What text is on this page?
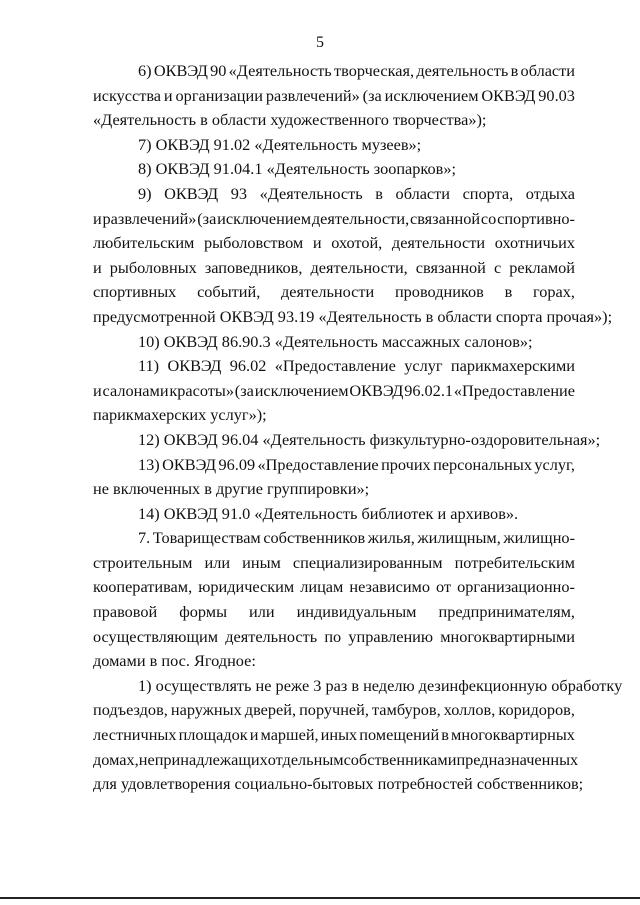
5
6) ОКВЭД 90 «Деятельность творческая, деятельность в области
искусства и организации развлечений» (за исключением ОКВЭД 90.03
«Деятельность в области художественного творчества»);
7) ОКВЭД 91.02 «Деятельность музеев»;
8) ОКВЭД 91.04.1 «Деятельность зоопарков»;
9) ОКВЭД 93 «Деятельность в области спорта, отдыха
и развлечений» (за исключением деятельности, связанной со спортивно-
любительским рыболовством и охотой, деятельности охотничьих
и рыболовных заповедников, деятельности, связанной с рекламой
спортивных событий, деятельности проводников в горах,
предусмотренной ОКВЭД 93.19 «Деятельность в области спорта прочая»);
10) ОКВЭД 86.90.3 «Деятельность массажных салонов»;
11) ОКВЭД 96.02 «Предоставление услуг парикмахерскими
и салонами красоты» (за исключением ОКВЭД 96.02.1 «Предоставление
парикмахерских услуг»);
12) ОКВЭД 96.04 «Деятельность физкультурно-оздоровительная»;
13) ОКВЭД 96.09 «Предоставление прочих персональных услуг,
не включенных в другие группировки»;
14) ОКВЭД 91.0 «Деятельность библиотек и архивов».
7. Товариществам собственников жилья, жилищным, жилищно-
строительным или иным специализированным потребительским
кооперативам, юридическим лицам независимо от организационно-
правовой формы или индивидуальным предпринимателям,
осуществляющим деятельность по управлению многоквартирными
домами в пос. Ягодное:
1) осуществлять не реже 3 раз в неделю дезинфекционную обработку
подъездов, наружных дверей, поручней, тамбуров, холлов, коридоров,
лестничных площадок и маршей, иных помещений в многоквартирных
домах, не принадлежащих отдельным собственникам и предназначенных
для удовлетворения социально-бытовых потребностей собственников;
